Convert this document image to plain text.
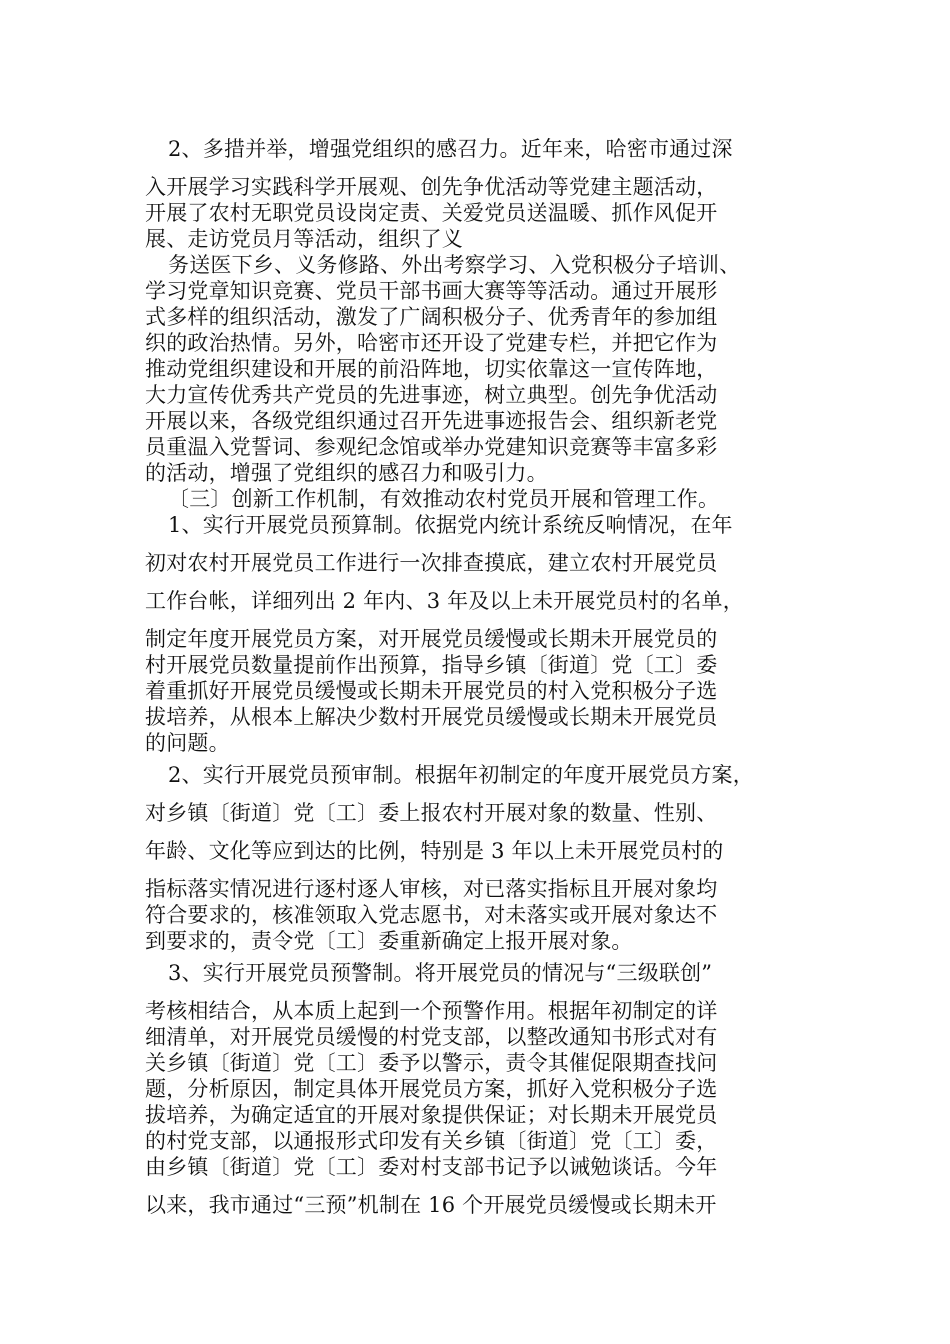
2、多措并举，增强党组织的感召力。近年来，哈密市通过深
入开展学习实践科学开展观、创先争优活动等党建主题活动，
开展了农村无职党员设岗定责、关爱党员送温暖、抓作风促开
展、走访党员月等活动，组织了义
务送医下乡、义务修路、外出考察学习、入党积极分子培训、
学习党章知识竞赛、党员干部书画大赛等等活动。通过开展形
式多样的组织活动，激发了广阔积极分子、优秀青年的参加组
织的政治热情。另外，哈密市还开设了党建专栏，并把它作为
推动党组织建设和开展的前沿阵地，切实依靠这一宣传阵地，
大力宣传优秀共产党员的先进事迹，树立典型。创先争优活动
开展以来，各级党组织通过召开先进事迹报告会、组织新老党
员重温入党誓词、参观纪念馆或举办党建知识竞赛等丰富多彩
的活动，增强了党组织的感召力和吸引力。
〔三〕创新工作机制，有效推动农村党员开展和管理工作。
1、实行开展党员预算制。依据党内统计系统反响情况，在年
初对农村开展党员工作进行一次排查摸底，建立农村开展党员
工作台帐，详细列出 2 年内、3 年及以上未开展党员村的名单，
制定年度开展党员方案，对开展党员缓慢或长期未开展党员的
村开展党员数量提前作出预算，指导乡镇〔街道〕党〔工〕委
着重抓好开展党员缓慢或长期未开展党员的村入党积极分子选
拔培养，从根本上解决少数村开展党员缓慢或长期未开展党员
的问题。
2、实行开展党员预审制。根据年初制定的年度开展党员方案，
对乡镇〔街道〕党〔工〕委上报农村开展对象的数量、性别、
年龄、文化等应到达的比例，特别是 3 年以上未开展党员村的
指标落实情况进行逐村逐人审核，对已落实指标且开展对象均
符合要求的，核准领取入党志愿书，对未落实或开展对象达不
到要求的，责令党〔工〕委重新确定上报开展对象。
3、实行开展党员预警制。将开展党员的情况与“三级联创”
考核相结合，从本质上起到一个预警作用。根据年初制定的详
细清单，对开展党员缓慢的村党支部，以整改通知书形式对有
关乡镇〔街道〕党〔工〕委予以警示，责令其催促限期查找问
题，分析原因，制定具体开展党员方案，抓好入党积极分子选
拔培养，为确定适宜的开展对象提供保证；对长期未开展党员
的村党支部，以通报形式印发有关乡镇〔街道〕党〔工〕委，
由乡镇〔街道〕党〔工〕委对村支部书记予以诫勉谈话。今年
以来，我市通过“三预”机制在 16 个开展党员缓慢或长期未开
